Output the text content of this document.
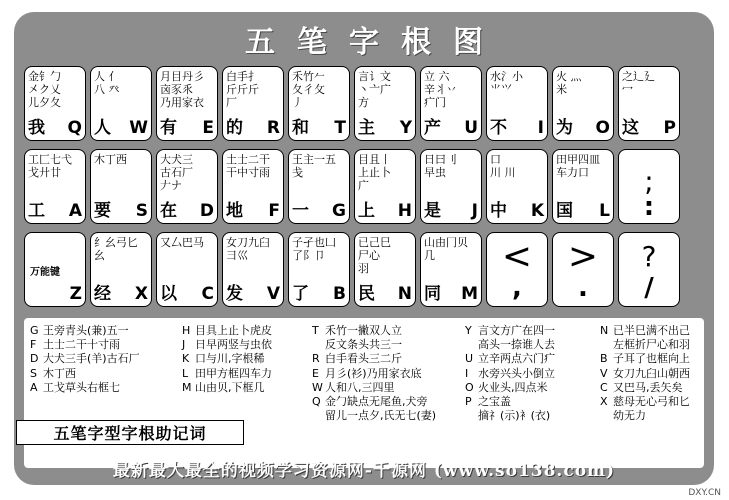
五笔字根图
金钅勹
㐅ク乂
儿夕夂
我 Q
人 亻
八 癶
人 W
月目丹彡
㐫豕乑
乃用家衣
有 E
白手扌
斤斤斤
厂
的 R
禾竹𠂉
夂彳攵
丿
和 T
言讠文
丶亠广
方
主 Y
立 六
辛丬丷
疒门
产 U
水氵小
⺌⺍

不 I
火 灬
米

为 O
之辶廴
冖

这 P
工匚七弋
戈廾廿

工 A
木丁西

要 S
大犬三
古石厂
𠂇ナ
在 D
土士二干
干中寸雨

地 F
王主一五
戋

一 G
目且丨
上止卜
广
上 H
日曰刂
早虫

是 J
口
川 川

中 K
田甲四皿
车力口

国 L
;
:
万能键
Z
纟幺弓匕
幺

经 X
又厶巴马

以 C
女刀九臼
彐巛

发 V
子孑也凵
了阝卩

了 B
已己巳
尸心
羽
民 N
山由冂贝
几

同 M
<
,
>
.
?
/
G 王旁青头(兼)五一
F 土士二干十寸雨
D 大犬三手(羊)古石厂
S 木丁西
A 工戈草头右框七
H 目具上止卜虎皮
J 日早两竖与虫依
K 口与川,字根稀
L 田甲方框四车力
M 山由贝,下框几
T 禾竹一撇双人立
反文条头共三一
R 白手看头三二斤
E 月彡(衫)乃用家衣底
W 人和八,三四里
Q 金勹缺点无尾鱼,犬旁
留儿一点夕,氏无七(妻)
Y 言文方广在四一
高头一捺谁人去
U 立辛两点六门疒
I 水旁兴头小倒立
O 火业头,四点米
P 之宝盖
摘礻(示)衤(衣)
N 已半巳满不出己
左框折尸心和羽
B 子耳了也框向上
V 女刀九臼山朝西
C 又巴马,丢矢矣
X 慈母无心弓和匕
幼无力
五笔字型字根助记词
最新最大最全的视频学习资源网-千源网 (www.so138.com)
DXY.CN
